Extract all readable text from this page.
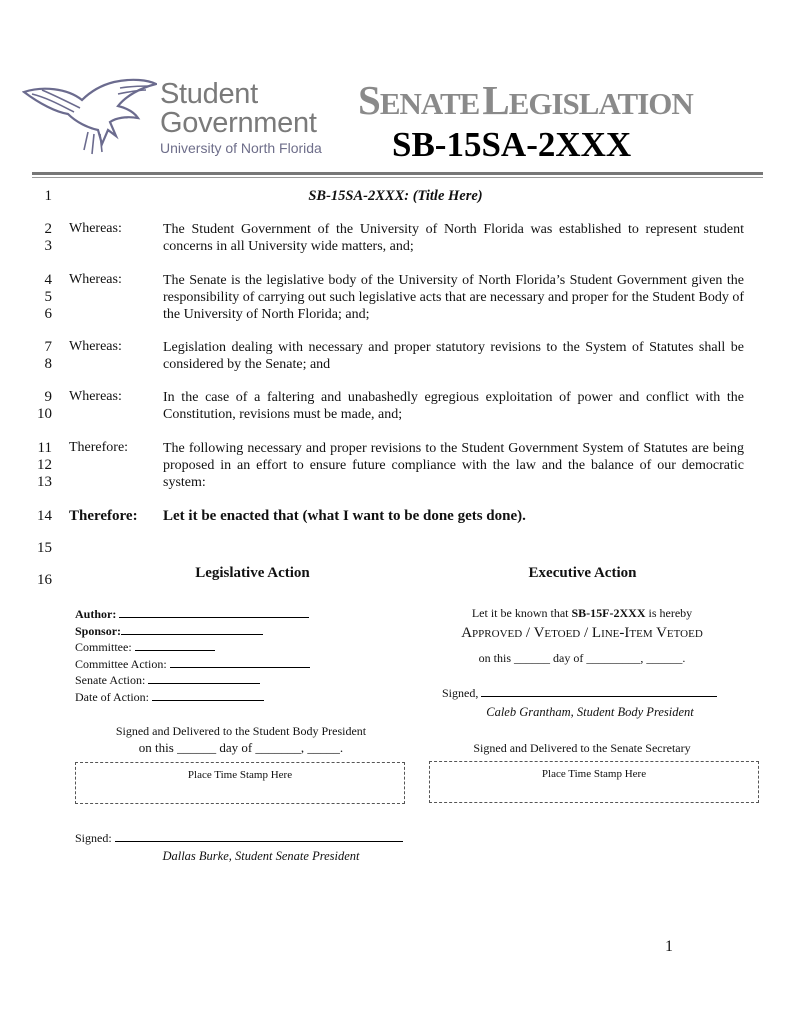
Student
Government
University of North Florida
SENATE LEGISLATION
SB-15SA-2XXX
1
2
3
4
5
6
7
8
9
10
11
12
13
14
15
16
SB-15SA-2XXX: (Title Here)
Whereas:	The Student Government of the University of North Florida was established to represent student concerns in all University wide matters, and;
Whereas:	The Senate is the legislative body of the University of North Florida’s Student Government given the responsibility of carrying out such legislative acts that are necessary and proper for the Student Body of the University of North Florida; and;
Whereas:	Legislation dealing with necessary and proper statutory revisions to the System of Statutes shall be considered by the Senate; and
Whereas:	In the case of a faltering and unabashedly egregious exploitation of power and conflict with the Constitution, revisions must be made, and;
Therefore: The following necessary and proper revisions to the Student Government System of Statutes are being proposed in an effort to ensure future compliance with the law and the balance of our democratic system:
Therefore: Let it be enacted that (what I want to be done gets done).
Legislative Action
Author:
Sponsor:
Committee:
Committee Action:
Senate Action:
Date of Action:
Signed and Delivered to the Student Body President
on this ______ day of _______, _____.
Place Time Stamp Here
Signed:
Dallas Burke, Student Senate President
Executive Action
Let it be known that SB-15F-2XXX is hereby
Approved / Vetoed / Line-Item Vetoed
on this ______ day of _________, ______.
Signed,
Caleb Grantham, Student Body President
Signed and Delivered to the Senate Secretary
Place Time Stamp Here
1
